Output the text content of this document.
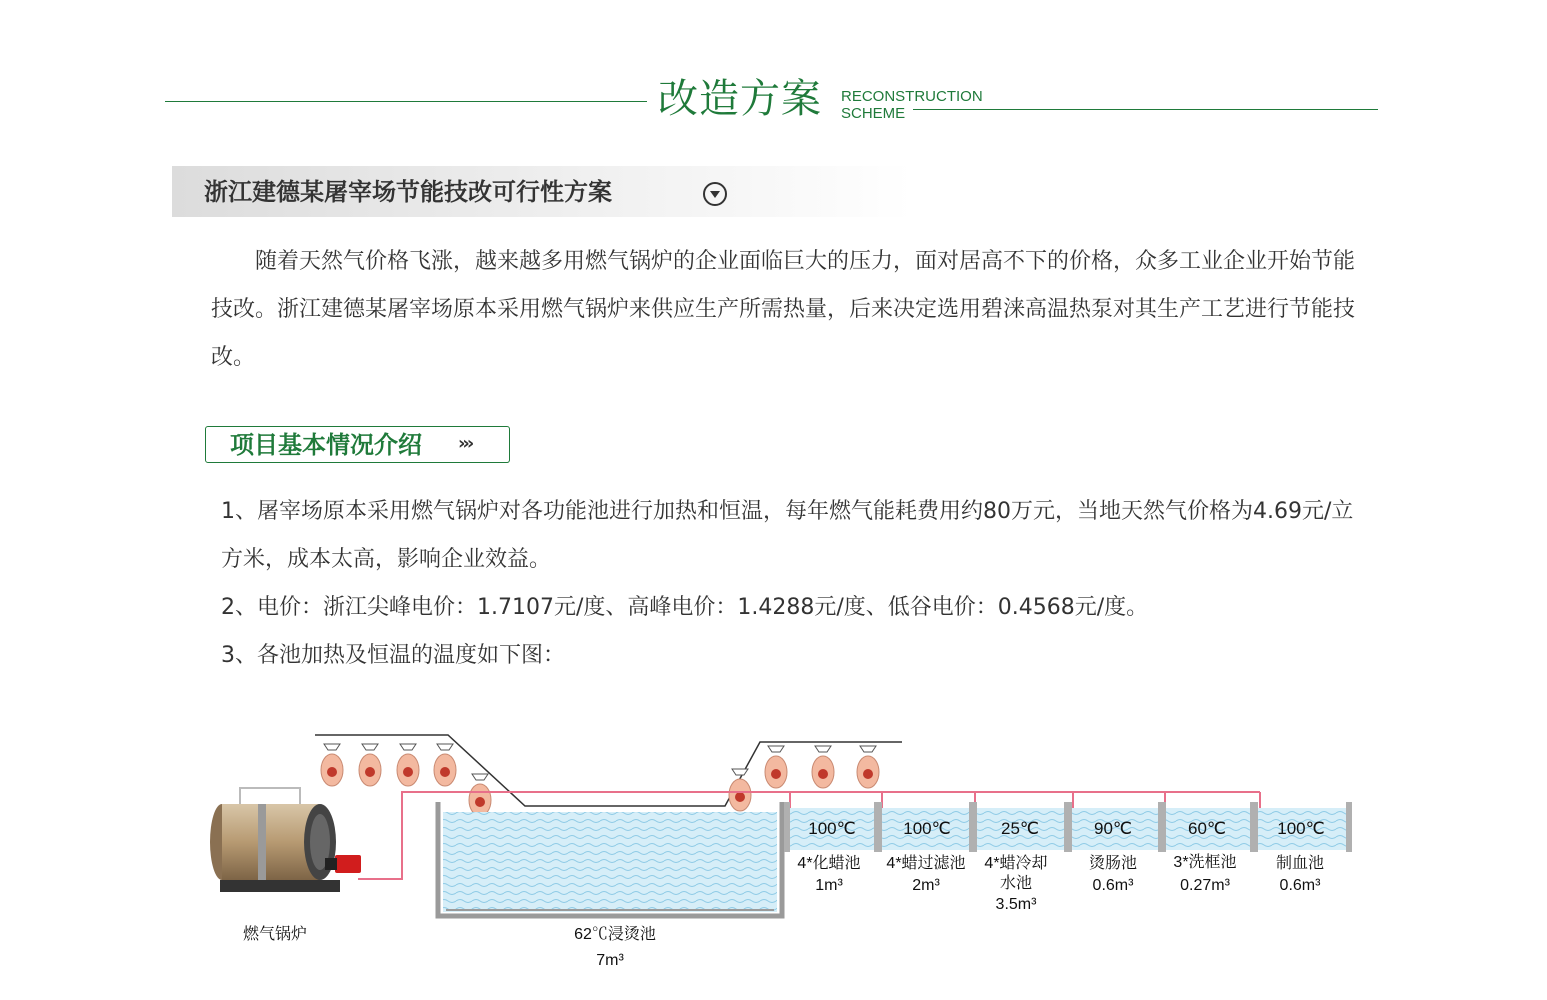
改造方案 RECONSTRUCTION
SCHEME
浙江建德某屠宰场节能技改可行性方案
随着天然气价格飞涨，越来越多用燃气锅炉的企业面临巨大的压力，面对居高不下的价格，众多工业企业开始节能技改。浙江建德某屠宰场原本采用燃气锅炉来供应生产所需热量，后来决定选用碧涞高温热泵对其生产工艺进行节能技改。
项目基本情况介绍 ›››

1、屠宰场原本采用燃气锅炉对各功能池进行加热和恒温，每年燃气能耗费用约80万元，当地天然气价格为4.69元/立方米，成本太高，影响企业效益。

2、电价：浙江尖峰电价：1.7107元/度、高峰电价：1.4288元/度、低谷电价：0.4568元/度。

3、各池加热及恒温的温度如下图：

燃气锅炉	62℃浸烫池
7m³
100℃	100℃	25℃	90℃	60℃	100℃
4*化蜡池
1m³
4*蜡过滤池
2m³
4*蜡冷却水池
3.5m³
烫肠池
0.6m³
3*洗框池
0.27m³
制血池
0.6m³
